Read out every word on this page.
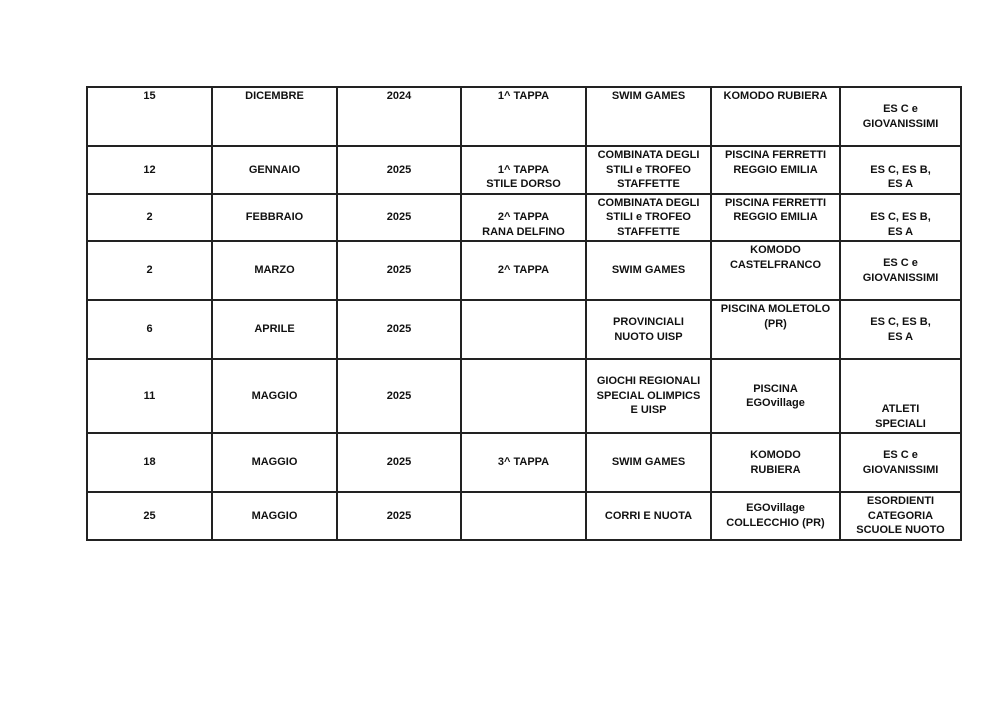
15	DICEMBRE	2024	1^ TAPPA	SWIM GAMES	KOMODO RUBIERA	ES C e
GIOVANISSIMI
12	GENNAIO	2025	1^ TAPPA
STILE DORSO	COMBINATA DEGLI
STILI e TROFEO
STAFFETTE	PISCINA FERRETTI
REGGIO EMILIA	ES C, ES B,
ES A
2	FEBBRAIO	2025	2^ TAPPA
RANA DELFINO	COMBINATA DEGLI
STILI e TROFEO
STAFFETTE	PISCINA FERRETTI
REGGIO EMILIA	ES C, ES B,
ES A
2	MARZO	2025	2^ TAPPA	SWIM GAMES	KOMODO
CASTELFRANCO	ES C e
GIOVANISSIMI
6	APRILE	2025		PROVINCIALI
NUOTO UISP	PISCINA MOLETOLO
(PR)	ES C, ES B,
ES A
11	MAGGIO	2025		GIOCHI REGIONALI
SPECIAL OLIMPICS
E UISP	PISCINA
EGOvillage	ATLETI
SPECIALI
18	MAGGIO	2025	3^ TAPPA	SWIM GAMES	KOMODO
RUBIERA	ES C e
GIOVANISSIMI
25	MAGGIO	2025		CORRI E NUOTA	EGOvillage
COLLECCHIO (PR)	ESORDIENTI
CATEGORIA
SCUOLE NUOTO
